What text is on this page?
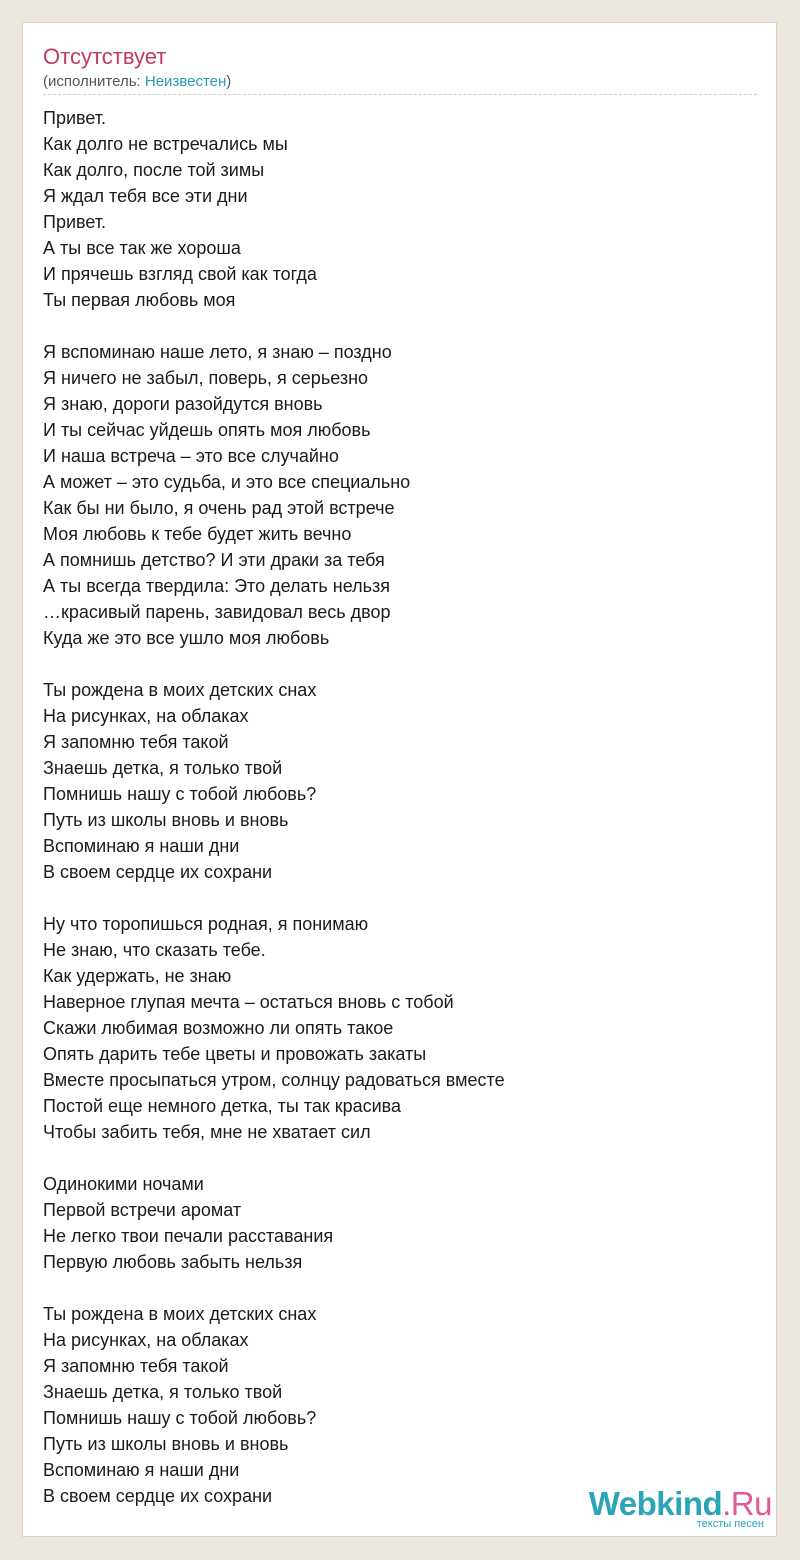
Отсутствует
(исполнитель: Неизвестен)
Привет.
Как долго не встречались мы
Как долго, после той зимы
Я ждал тебя все эти дни
Привет.
А ты все так же хороша
И прячешь взгляд свой как тогда
Ты первая любовь моя
Я вспоминаю наше лето, я знаю – поздно
Я ничего не забыл, поверь, я серьезно
Я знаю, дороги разойдутся вновь
И ты сейчас уйдешь опять моя любовь
И наша встреча – это все случайно
А может – это судьба, и это все специально
Как бы ни было, я очень рад этой встрече
Моя любовь к тебе будет жить вечно
А помнишь детство? И эти драки за тебя
А ты всегда твердила: Это делать нельзя
…красивый парень, завидовал весь двор
Куда же это все ушло моя любовь
Ты рождена в моих детских снах
На рисунках, на облаках
Я запомню тебя такой
Знаешь детка, я только твой
Помнишь нашу с тобой любовь?
Путь из школы вновь и вновь
Вспоминаю я наши дни
В своем сердце их сохрани
Ну что торопишься родная, я понимаю
Не знаю, что сказать тебе.
Как удержать, не знаю
Наверное глупая мечта – остаться вновь с тобой
Скажи любимая возможно ли опять такое
Опять дарить тебе цветы и провожать закаты
Вместе просыпаться утром, солнцу радоваться вместе
Постой еще немного детка, ты так красива
Чтобы забить тебя, мне не хватает сил
Одинокими ночами
Первой встречи аромат
Не легко твои печали расставания
Первую любовь забыть нельзя
Ты рождена в моих детских снах
На рисунках, на облаках
Я запомню тебя такой
Знаешь детка, я только твой
Помнишь нашу с тобой любовь?
Путь из школы вновь и вновь
Вспоминаю я наши дни
В своем сердце их сохрани	Webkind.Ru
тексты песен
